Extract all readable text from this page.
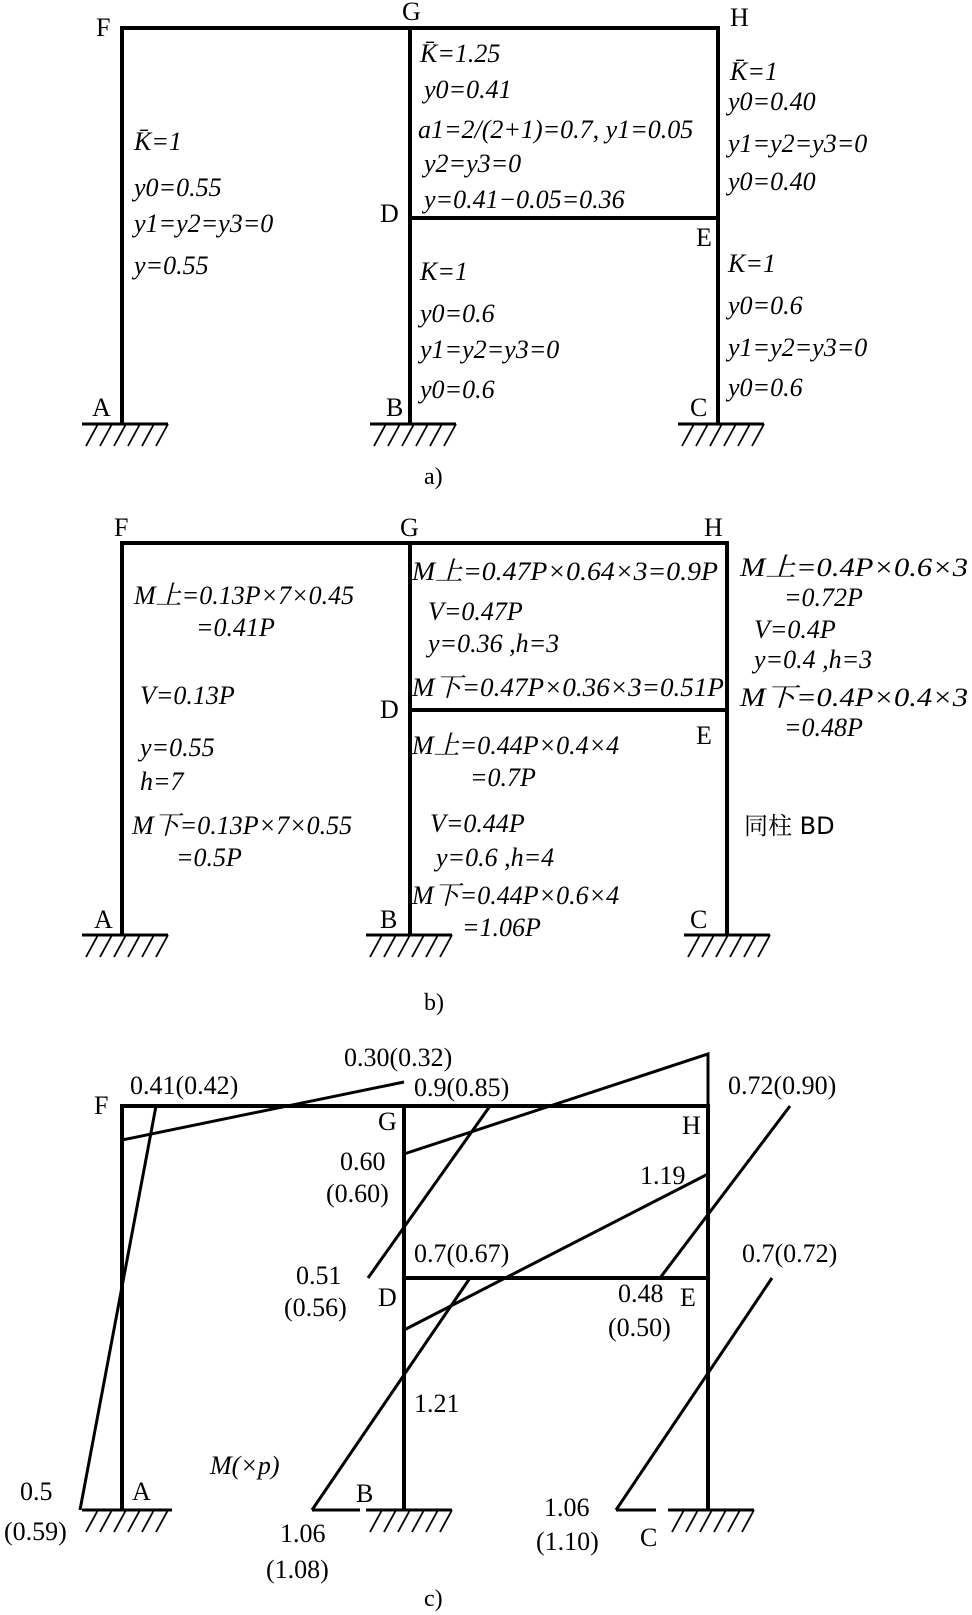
F
G	H
D
E
A	B	C
K̄=1
y0=0.55
y1=y2=y3=0
y=0.55
K̄=1.25
y0=0.41
a1=2/(2+1)=0.7, y1=0.05
y2=y3=0
y=0.41−0.05=0.36
K̄=1
y0=0.40
y1=y2=y3=0
y0=0.40
K=1
y0=0.6
y1=y2=y3=0
y0=0.6
K=1
y0=0.6
y1=y2=y3=0
y0=0.6
a)
F	G	H
D
E
A	B	C
M上=0.13P×7×0.45
=0.41P
V=0.13P
y=0.55
h=7
M下=0.13P×7×0.55
=0.5P
M上=0.47P×0.64×3=0.9P
V=0.47P
y=0.36 ,h=3
M下=0.47P×0.36×3=0.51P
M上=0.4P×0.6×3
=0.72P
V=0.4P
y=0.4 ,h=3
M下=0.4P×0.4×3
=0.48P
M上=0.44P×0.4×4
=0.7P
V=0.44P
y=0.6 ,h=4
M下=0.44P×0.6×4
=1.06P
同柱 BD
b)
F
G	H
D	E
A	B
C
0.41(0.42)
0.30(0.32)
0.9(0.85)	0.72(0.90)
0.60
(0.60)
1.19
0.51
(0.56)
0.7(0.67)
0.48
(0.50)
0.7(0.72)
1.21
0.5
(0.59)	1.06
(1.08)
1.06
(1.10)
M(×p)
c)
